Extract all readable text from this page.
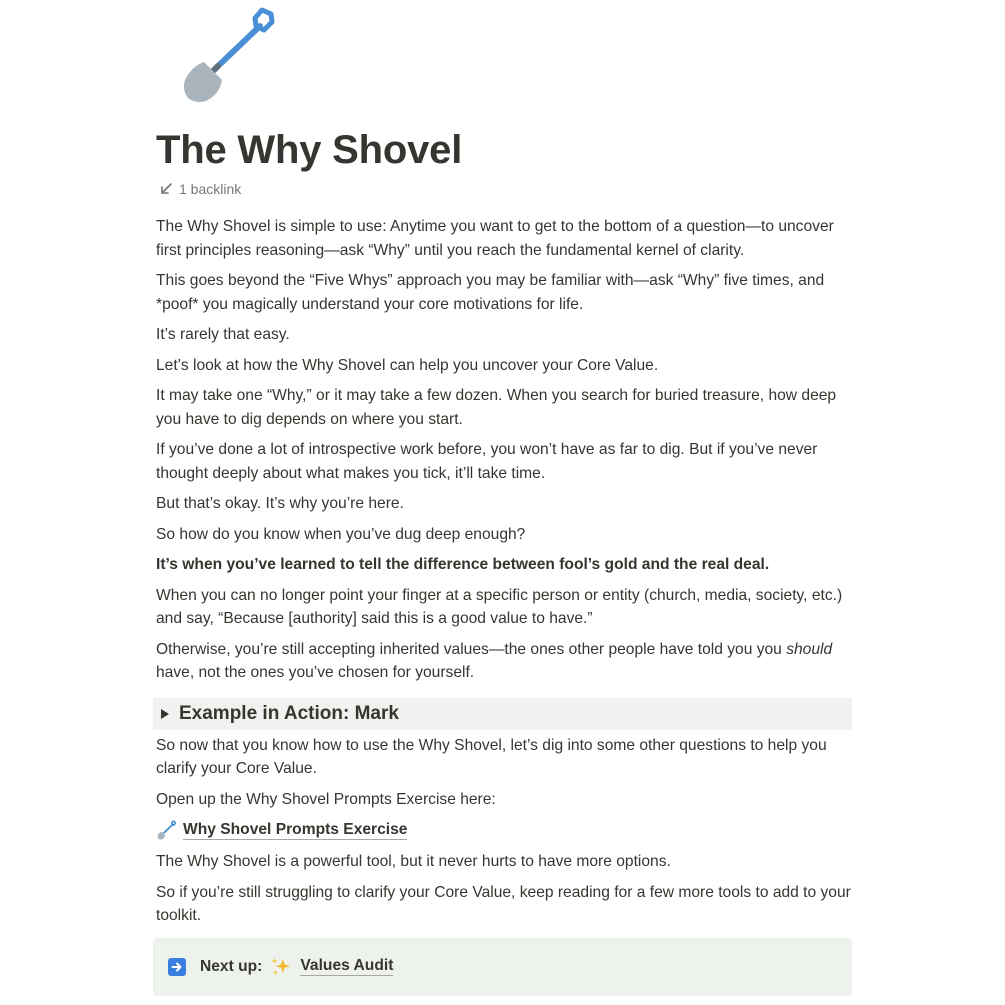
The Why Shovel
1 backlink

The Why Shovel is simple to use: Anytime you want to get to the bottom of a question—to uncover first principles reasoning—ask “Why” until you reach the fundamental kernel of clarity.

This goes beyond the “Five Whys” approach you may be familiar with—ask “Why” five times, and *poof* you magically understand your core motivations for life.

It’s rarely that easy.

Let’s look at how the Why Shovel can help you uncover your Core Value.

It may take one “Why,” or it may take a few dozen. When you search for buried treasure, how deep you have to dig depends on where you start.

If you’ve done a lot of introspective work before, you won’t have as far to dig. But if you’ve never thought deeply about what makes you tick, it’ll take time.

But that’s okay. It’s why you’re here.

So how do you know when you’ve dug deep enough?

It’s when you’ve learned to tell the difference between fool’s gold and the real deal.

When you can no longer point your finger at a specific person or entity (church, media, society, etc.) and say, “Because [authority] said this is a good value to have.”

Otherwise, you’re still accepting inherited values—the ones other people have told you you should have, not the ones you’ve chosen for yourself.

Example in Action: Mark

So now that you know how to use the Why Shovel, let’s dig into some other questions to help you clarify your Core Value.

Open up the Why Shovel Prompts Exercise here:

Why Shovel Prompts Exercise

The Why Shovel is a powerful tool, but it never hurts to have more options.

So if you’re still struggling to clarify your Core Value, keep reading for a few more tools to add to your toolkit.

Next up: Values Audit
